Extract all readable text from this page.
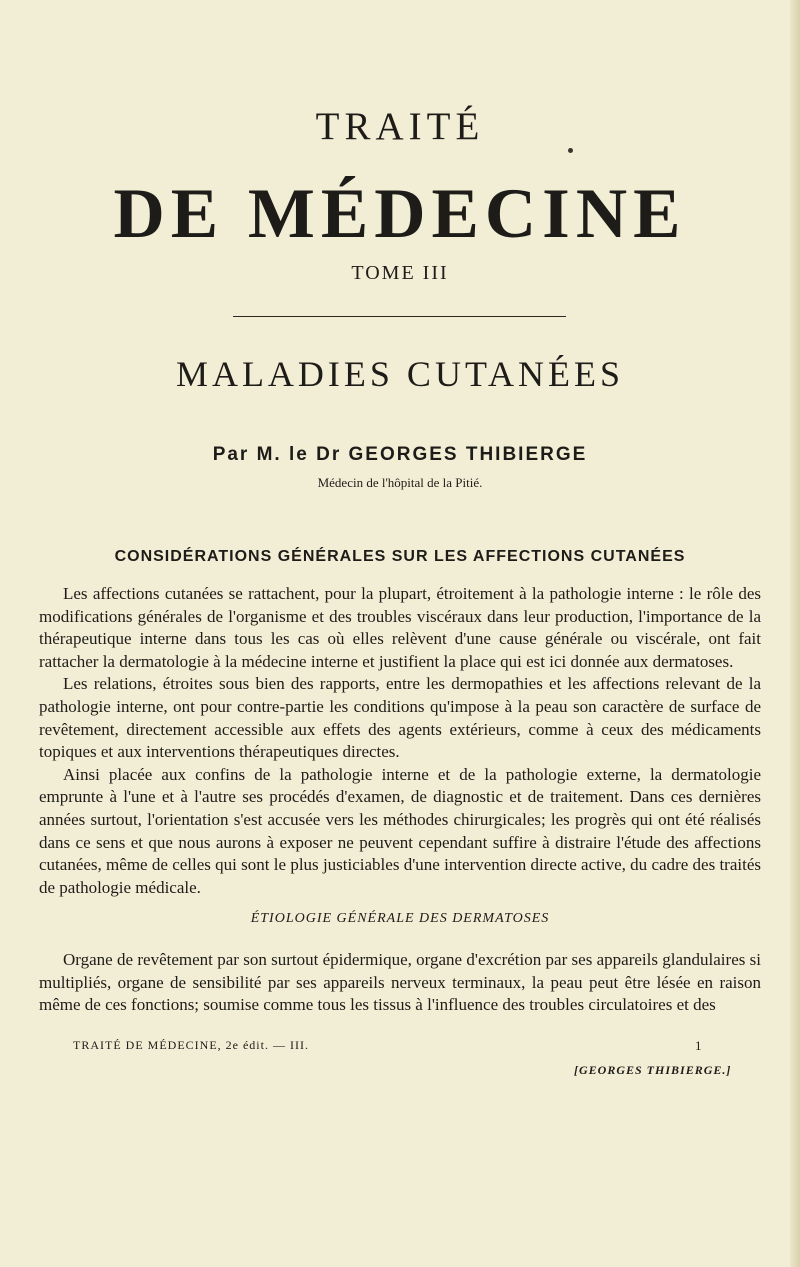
TRAITÉ
DE MÉDECINE
TOME III
MALADIES CUTANÉES
Par M. le Dr GEORGES THIBIERGE
Médecin de l'hôpital de la Pitié.
CONSIDÉRATIONS GÉNÉRALES SUR LES AFFECTIONS CUTANÉES

Les affections cutanées se rattachent, pour la plupart, étroitement à la pathologie interne : le rôle des modifications générales de l'organisme et des troubles viscéraux dans leur production, l'importance de la thérapeutique interne dans tous les cas où elles relèvent d'une cause générale ou viscérale, ont fait rattacher la dermatologie à la médecine interne et justifient la place qui est ici donnée aux dermatoses.

Les relations, étroites sous bien des rapports, entre les dermopathies et les affections relevant de la pathologie interne, ont pour contre-partie les conditions qu'impose à la peau son caractère de surface de revêtement, directement accessible aux effets des agents extérieurs, comme à ceux des médicaments topiques et aux interventions thérapeutiques directes.

Ainsi placée aux confins de la pathologie interne et de la pathologie externe, la dermatologie emprunte à l'une et à l'autre ses procédés d'examen, de diagnostic et de traitement. Dans ces dernières années surtout, l'orientation s'est accusée vers les méthodes chirurgicales; les progrès qui ont été réalisés dans ce sens et que nous aurons à exposer ne peuvent cependant suffire à distraire l'étude des affections cutanées, même de celles qui sont le plus justiciables d'une intervention directe active, du cadre des traités de pathologie médicale.

ÉTIOLOGIE GÉNÉRALE DES DERMATOSES

Organe de revêtement par son surtout épidermique, organe d'excrétion par ses appareils glandulaires si multipliés, organe de sensibilité par ses appareils nerveux terminaux, la peau peut être lésée en raison même de ces fonctions; soumise comme tous les tissus à l'influence des troubles circulatoires et des

TRAITÉ DE MÉDECINE, 2e édit. — III.	1
[GEORGES THIBIERGE.]
